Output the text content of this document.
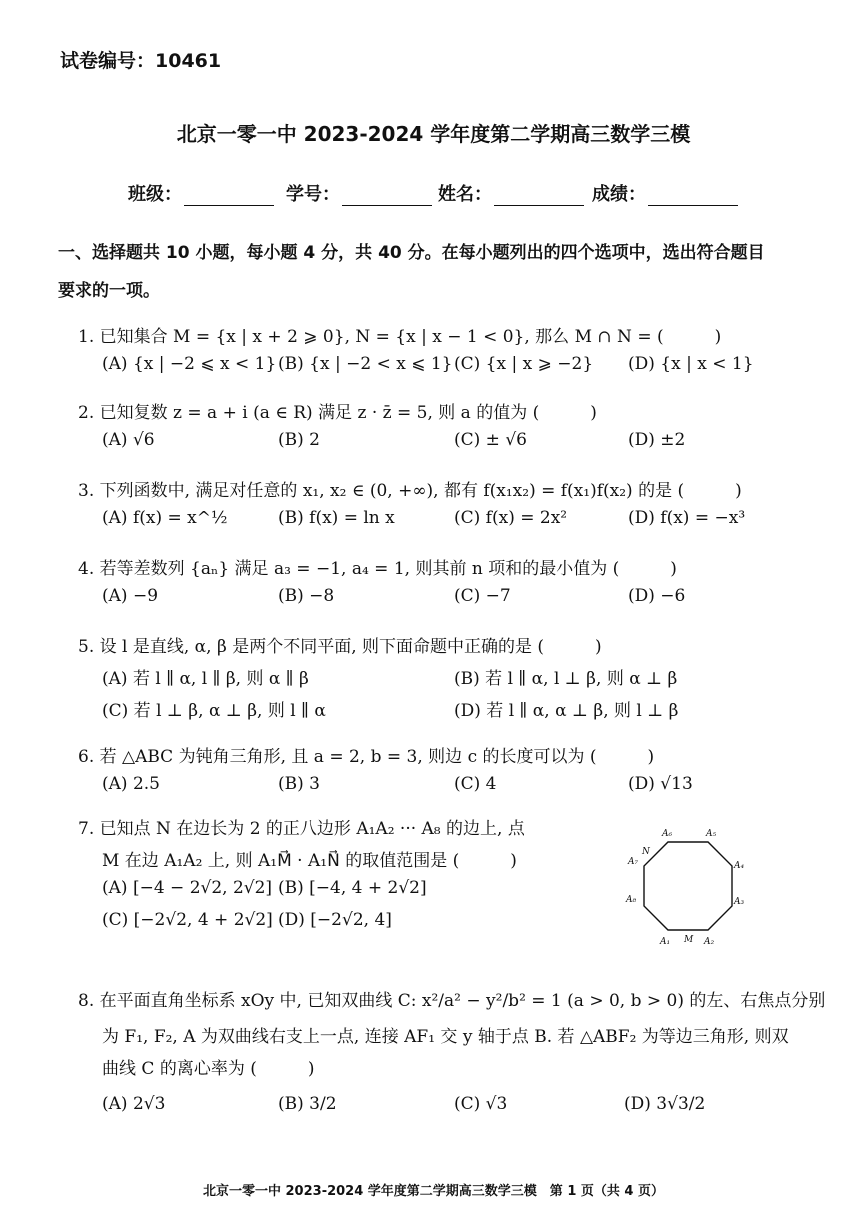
试卷编号：10461
北京一零一中 2023-2024 学年度第二学期高三数学三模
班级：	学号：	姓名：	成绩：
一、选择题共 10 小题，每小题 4 分，共 40 分。在每小题列出的四个选项中，选出符合题目
要求的一项。
1. 已知集合 M = {x | x + 2 ⩾ 0}, N = {x | x − 1 < 0}, 那么 M ∩ N = (　　　)
(A) {x | −2 ⩽ x < 1} (B) {x | −2 < x ⩽ 1} (C) {x | x ⩾ −2} (D) {x | x < 1}
2. 已知复数 z = a + i (a ∈ R) 满足 z · z̄ = 5, 则 a 的值为 (　　　)
(A) √6	(B) 2	(C) ± √6	(D) ±2
3. 下列函数中, 满足对任意的 x₁, x₂ ∈ (0, +∞), 都有 f(x₁x₂) = f(x₁)f(x₂) 的是 (　　　)
(A) f(x) = x^½	(B) f(x) = ln x	(C) f(x) = 2x²	(D) f(x) = −x³
4. 若等差数列 {aₙ} 满足 a₃ = −1, a₄ = 1, 则其前 n 项和的最小值为 (　　　)
(A) −9	(B) −8	(C) −7	(D) −6
5. 设 l 是直线, α, β 是两个不同平面, 则下面命题中正确的是 (　　　)
(A) 若 l ∥ α, l ∥ β, 则 α ∥ β	(B) 若 l ∥ α, l ⊥ β, 则 α ⊥ β
(C) 若 l ⊥ β, α ⊥ β, 则 l ∥ α	(D) 若 l ∥ α, α ⊥ β, 则 l ⊥ β
6. 若 △ABC 为钝角三角形, 且 a = 2, b = 3, 则边 c 的长度可以为 (　　　)
(A) 2.5	(B) 3	(C) 4	(D) √13
7. 已知点 N 在边长为 2 的正八边形 A₁A₂ ··· A₈ 的边上, 点
M 在边 A₁A₂ 上, 则 A₁M⃗ · A₁N⃗ 的取值范围是 (　　　)
(A) [−4 − 2√2, 2√2] (B) [−4, 4 + 2√2]
(C) [−2√2, 4 + 2√2] (D) [−2√2, 4]
A₆	A₅
A₇	A₄
A₈	A₃
A₁ M A₂
N
8. 在平面直角坐标系 xOy 中, 已知双曲线 C: x²/a² − y²/b² = 1 (a > 0, b > 0) 的左、右焦点分别
为 F₁, F₂, A 为双曲线右支上一点, 连接 AF₁ 交 y 轴于点 B. 若 △ABF₂ 为等边三角形, 则双
曲线 C 的离心率为 (　　　)
(A) 2√3	(B) 3/2	(C) √3	(D) 3√3/2
北京一零一中 2023-2024 学年度第二学期高三数学三模　第 1 页（共 4 页）
